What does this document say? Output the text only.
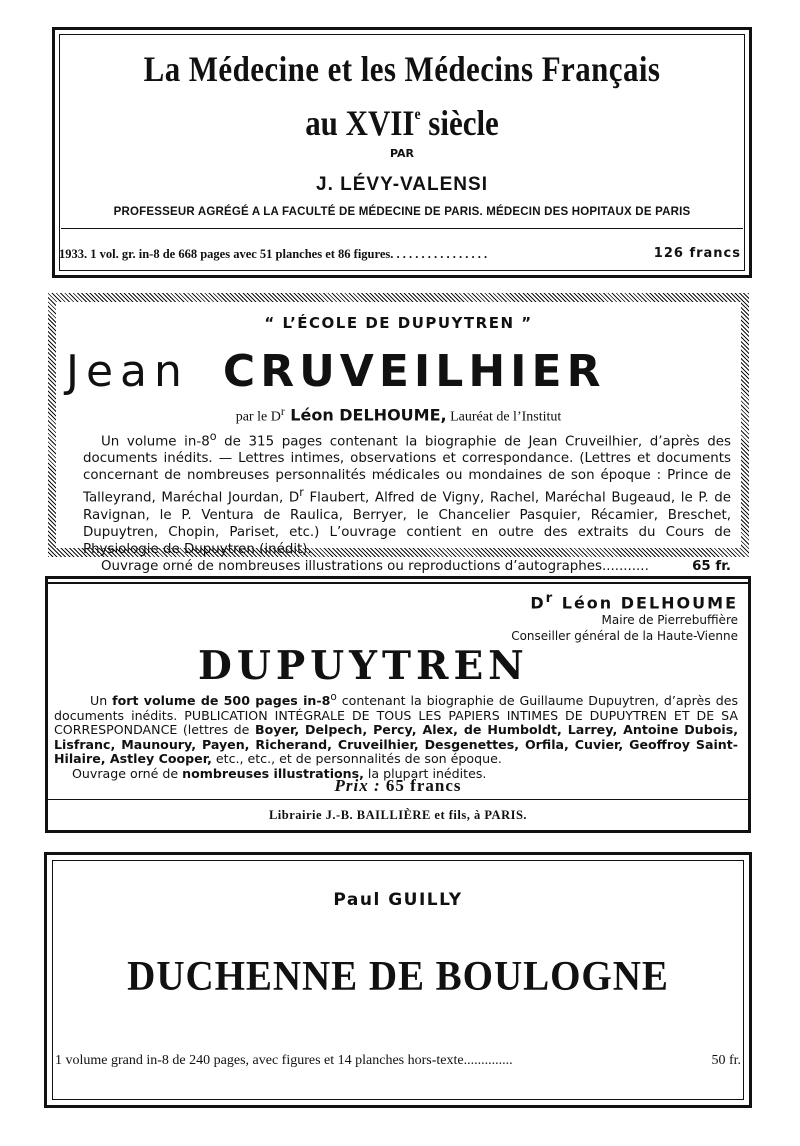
La Médecine et les Médecins Français
au XVIIe siècle
PAR
J. LÉVY-VALENSI
PROFESSEUR AGRÉGÉ A LA FACULTÉ DE MÉDECINE DE PARIS. MÉDECIN DES HOPITAUX DE PARIS
1933. 1 vol. gr. in-8 de 668 pages avec 51 planches et 86 figures. . . . . . . . . . . . . . . .	126 francs
“ L’ÉCOLE DE DUPUYTREN ”
Jean CRUVEILHIER
par le $D^r$ Léon DELHOUME, Lauréat de l’Institut

Un volume in-8$^o$ de 315 pages contenant la biographie de Jean Cruveilhier, d’après des documents inédits. — Lettres intimes, observations et correspondance. (Lettres et documents concernant de nombreuses personnalités médicales ou mondaines de son époque : Prince de Talleyrand, Maréchal Jourdan, $D^r$ Flaubert, Alfred de Vigny, Rachel, Maréchal Bugeaud, le P. de Ravignan, le P. Ventura de Raulica, Berryer, le Chancelier Pasquier, Récamier, Breschet, Dupuytren, Chopin, Pariset, etc.) L’ouvrage contient en outre des extraits du Cours de Physiologie de Dupuytren (inédit).

Ouvrage orné de nombreuses illustrations ou reproductions d’autographes ...........	65 fr.
$D^r$ Léon DELHOUME
Maire de Pierrebuffière
Conseiller général de la Haute-Vienne
DUPUYTREN

Un fort volume de 500 pages in-8$^o$ contenant la biographie de Guillaume Dupuytren, d’après des documents inédits. PUBLICATION INTÉGRALE DE TOUS LES PAPIERS INTIMES DE DUPUYTREN ET DE SA CORRESPONDANCE (lettres de Boyer, Delpech, Percy, Alex, de Humboldt, Larrey, Antoine Dubois, Lisfranc, Maunoury, Payen, Richerand, Cruveilhier, Desgenettes, Orfila, Cuvier, Geoffroy Saint-Hilaire, Astley Cooper, etc., etc., et de personnalités de son époque.

Ouvrage orné de nombreuses illustrations, la plupart inédites.

Prix : 65 francs
Librairie J.-B. BAILLIÈRE et fils, à PARIS.
Paul GUILLY
DUCHENNE DE BOULOGNE
1 volume grand in-8 de 240 pages, avec figures et 14 planches hors-texte ..............	50 fr.
